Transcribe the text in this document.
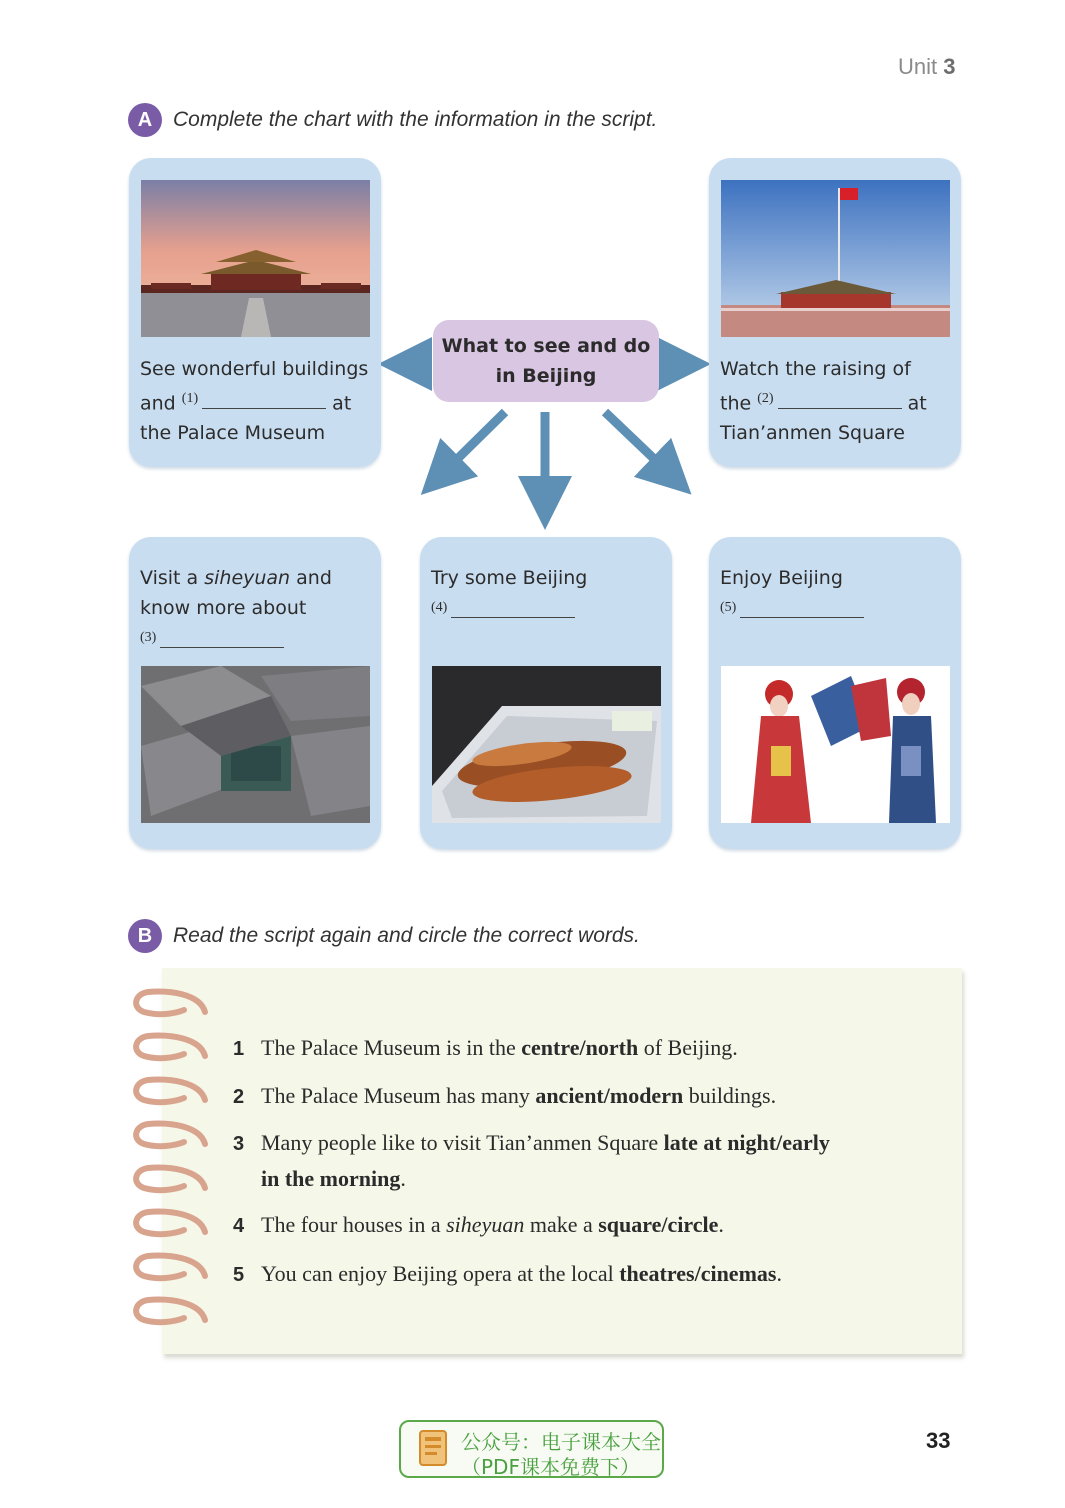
Unit 3
A Complete the chart with the information in the script.
What to see and do
in Beijing
See wonderful buildings
and $^{(1)}$	at
the Palace Museum
Watch the raising of
the $^{(2)}$	at
Tian’anmen Square
Visit a siheyuan and
know more about
$^{(3)}$
Try some Beijing
$^{(4)}$
Enjoy Beijing
$^{(5)}$
B Read the script again and circle the correct words.
1 The Palace Museum is in the centre/north of Beijing.
2 The Palace Museum has many ancient/modern buildings.
3 Many people like to visit Tian’anmen Square late at night/early
in the morning.
4 The four houses in a siheyuan make a square/circle.
5 You can enjoy Beijing opera at the local theatres/cinemas.
公众号：电子课本大全
（PDF课本免费下）
33
